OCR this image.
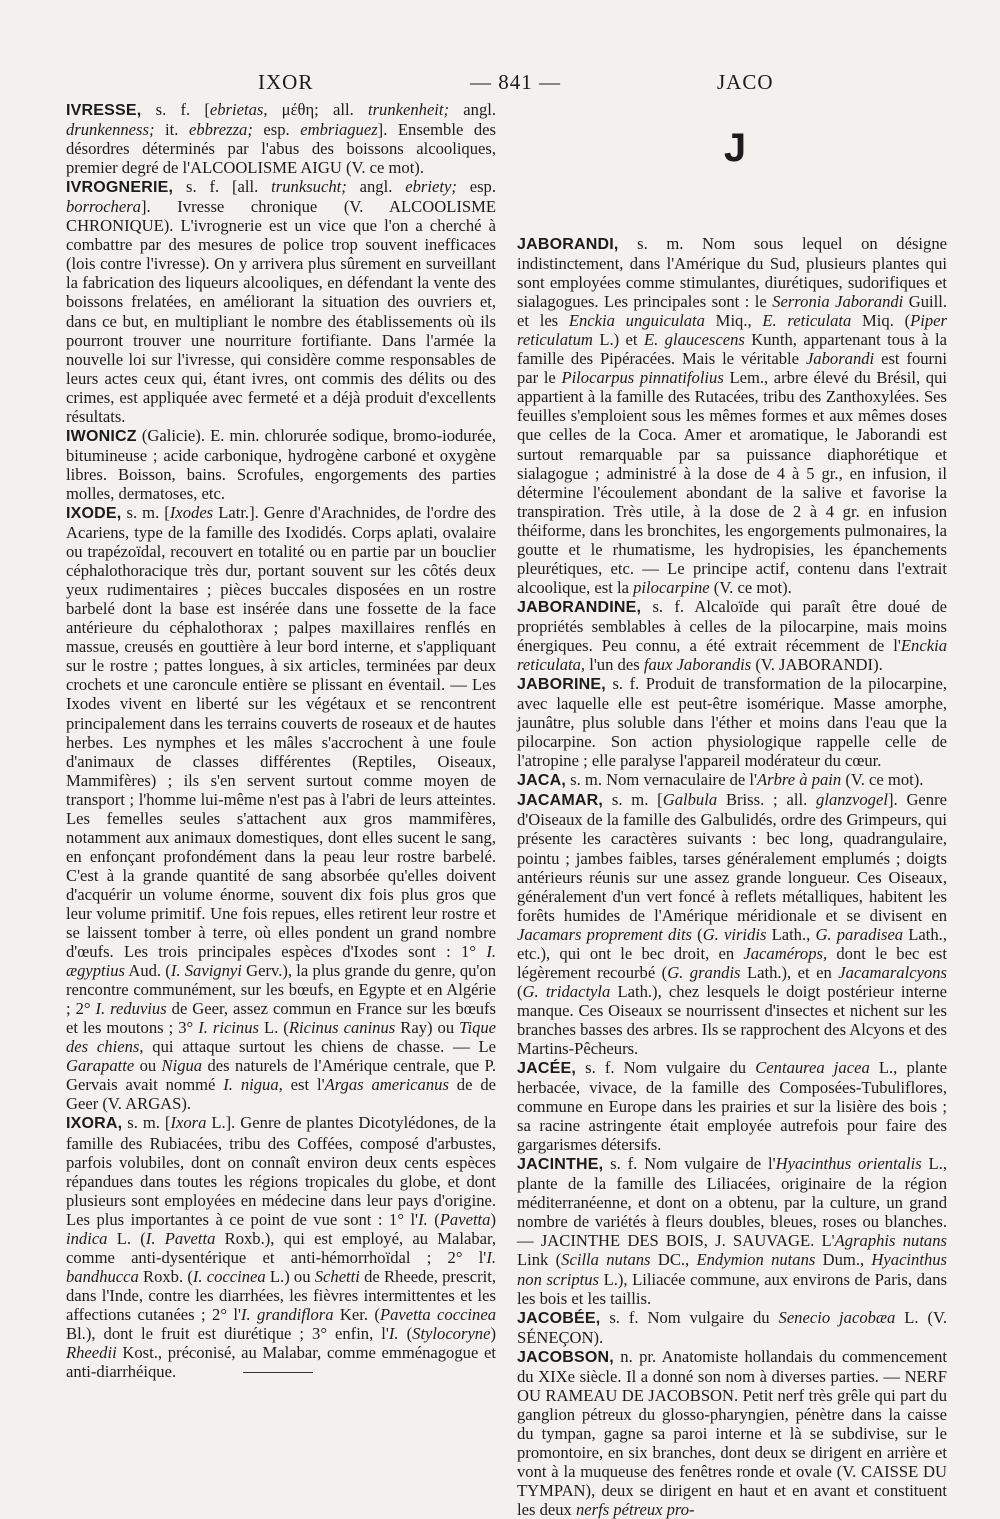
IXOR	— 841 —	JACO

IVRESSE, s. f. [ebrietas, μέθη; all. trunkenheit; angl. drunkenness; it. ebbrezza; esp. embriaguez]. Ensemble des désordres déterminés par l'abus des boissons alcooliques, premier degré de l'ALCOOLISME AIGU (V. ce mot).

IVROGNERIE, s. f. [all. trunksucht; angl. ebriety; esp. borrochera]. Ivresse chronique (V. ALCOOLISME CHRONIQUE). L'ivrognerie est un vice que l'on a cherché à combattre par des mesures de police trop souvent inefficaces (lois contre l'ivresse). On y arrivera plus sûrement en surveillant la fabrication des liqueurs alcooliques, en défendant la vente des boissons frelatées, en améliorant la situation des ouvriers et, dans ce but, en multipliant le nombre des établissements où ils pourront trouver une nourriture fortifiante. Dans l'armée la nouvelle loi sur l'ivresse, qui considère comme responsables de leurs actes ceux qui, étant ivres, ont commis des délits ou des crimes, est appliquée avec fermeté et a déjà produit d'excellents résultats.

IWONICZ (Galicie). E. min. chlorurée sodique, bromo-iodurée, bitumineuse ; acide carbonique, hydrogène carboné et oxygène libres. Boisson, bains. Scrofules, engorgements des parties molles, dermatoses, etc.

IXODE, s. m. [Ixodes Latr.]. Genre d'Arachnides, de l'ordre des Acariens, type de la famille des Ixodidés. Corps aplati, ovalaire ou trapézoïdal, recouvert en totalité ou en partie par un bouclier céphalothoracique très dur, portant souvent sur les côtés deux yeux rudimentaires ; pièces buccales disposées en un rostre barbelé dont la base est insérée dans une fossette de la face antérieure du céphalothorax ; palpes maxillaires renflés en massue, creusés en gouttière à leur bord interne, et s'appliquant sur le rostre ; pattes longues, à six articles, terminées par deux crochets et une caroncule entière se plissant en éventail. — Les Ixodes vivent en liberté sur les végétaux et se rencontrent principalement dans les terrains couverts de roseaux et de hautes herbes. Les nymphes et les mâles s'accrochent à une foule d'animaux de classes différentes (Reptiles, Oiseaux, Mammifères) ; ils s'en servent surtout comme moyen de transport ; l'homme lui-même n'est pas à l'abri de leurs atteintes. Les femelles seules s'attachent aux gros mammifères, notamment aux animaux domestiques, dont elles sucent le sang, en enfonçant profondément dans la peau leur rostre barbelé. C'est à la grande quantité de sang absorbée qu'elles doivent d'acquérir un volume énorme, souvent dix fois plus gros que leur volume primitif. Une fois repues, elles retirent leur rostre et se laissent tomber à terre, où elles pondent un grand nombre d'œufs. Les trois principales espèces d'Ixodes sont : 1° I. ægyptius Aud. (I. Savignyi Gerv.), la plus grande du genre, qu'on rencontre communément, sur les bœufs, en Egypte et en Algérie ; 2° I. reduvius de Geer, assez commun en France sur les bœufs et les moutons ; 3° I. ricinus L. (Ricinus caninus Ray) ou Tique des chiens, qui attaque surtout les chiens de chasse. — Le Garapatte ou Nigua des naturels de l'Amérique centrale, que P. Gervais avait nommé I. nigua, est l'Argas americanus de de Geer (V. ARGAS).

IXORA, s. m. [Ixora L.]. Genre de plantes Dicotylédones, de la famille des Rubiacées, tribu des Coffées, composé d'arbustes, parfois volubiles, dont on connaît environ deux cents espèces répandues dans toutes les régions tropicales du globe, et dont plusieurs sont employées en médecine dans leur pays d'origine. Les plus importantes à ce point de vue sont : 1° l'I. (Pavetta) indica L. (I. Pavetta Roxb.), qui est employé, au Malabar, comme anti-dysentérique et anti-hémorrhoïdal ; 2° l'I. bandhucca Roxb. (I. coccinea L.) ou Schetti de Rheede, prescrit, dans l'Inde, contre les diarrhées, les fièvres intermittentes et les affections cutanées ; 2° l'I. grandiflora Ker. (Pavetta coccinea Bl.), dont le fruit est diurétique ; 3° enfin, l'I. (Stylocoryne) Rheedii Kost., préconisé, au Malabar, comme emménagogue et anti-diarrhéique.

J

JABORANDI, s. m. Nom sous lequel on désigne indistinctement, dans l'Amérique du Sud, plusieurs plantes qui sont employées comme stimulantes, diurétiques, sudorifiques et sialagogues. Les principales sont : le Serronia Jaborandi Guill. et les Enckia unguiculata Miq., E. reticulata Miq. (Piper reticulatum L.) et E. glaucescens Kunth, appartenant tous à la famille des Pipéracées. Mais le véritable Jaborandi est fourni par le Pilocarpus pinnatifolius Lem., arbre élevé du Brésil, qui appartient à la famille des Rutacées, tribu des Zanthoxylées. Ses feuilles s'emploient sous les mêmes formes et aux mêmes doses que celles de la Coca. Amer et aromatique, le Jaborandi est surtout remarquable par sa puissance diaphorétique et sialagogue ; administré à la dose de 4 à 5 gr., en infusion, il détermine l'écoulement abondant de la salive et favorise la transpiration. Très utile, à la dose de 2 à 4 gr. en infusion théiforme, dans les bronchites, les engorgements pulmonaires, la goutte et le rhumatisme, les hydropisies, les épanchements pleurétiques, etc. — Le principe actif, contenu dans l'extrait alcoolique, est la pilocarpine (V. ce mot).

JABORANDINE, s. f. Alcaloïde qui paraît être doué de propriétés semblables à celles de la pilocarpine, mais moins énergiques. Peu connu, a été extrait récemment de l'Enckia reticulata, l'un des faux Jaborandis (V. JABORANDI).

JABORINE, s. f. Produit de transformation de la pilocarpine, avec laquelle elle est peut-être isomérique. Masse amorphe, jaunâtre, plus soluble dans l'éther et moins dans l'eau que la pilocarpine. Son action physiologique rappelle celle de l'atropine ; elle paralyse l'appareil modérateur du cœur.

JACA, s. m. Nom vernaculaire de l'Arbre à pain (V. ce mot).

JACAMAR, s. m. [Galbula Briss. ; all. glanzvogel]. Genre d'Oiseaux de la famille des Galbulidés, ordre des Grimpeurs, qui présente les caractères suivants : bec long, quadrangulaire, pointu ; jambes faibles, tarses généralement emplumés ; doigts antérieurs réunis sur une assez grande longueur. Ces Oiseaux, généralement d'un vert foncé à reflets métalliques, habitent les forêts humides de l'Amérique méridionale et se divisent en Jacamars proprement dits (G. viridis Lath., G. paradisea Lath., etc.), qui ont le bec droit, en Jacamérops, dont le bec est légèrement recourbé (G. grandis Lath.), et en Jacamaralcyons (G. tridactyla Lath.), chez lesquels le doigt postérieur interne manque. Ces Oiseaux se nourrissent d'insectes et nichent sur les branches basses des arbres. Ils se rapprochent des Alcyons et des Martins-Pêcheurs.

JACÉE, s. f. Nom vulgaire du Centaurea jacea L., plante herbacée, vivace, de la famille des Composées-Tubuliflores, commune en Europe dans les prairies et sur la lisière des bois ; sa racine astringente était employée autrefois pour faire des gargarismes détersifs.

JACINTHE, s. f. Nom vulgaire de l'Hyacinthus orientalis L., plante de la famille des Liliacées, originaire de la région méditerranéenne, et dont on a obtenu, par la culture, un grand nombre de variétés à fleurs doubles, bleues, roses ou blanches. — JACINTHE DES BOIS, J. SAUVAGE. L'Agraphis nutans Link (Scilla nutans DC., Endymion nutans Dum., Hyacinthus non scriptus L.), Liliacée commune, aux environs de Paris, dans les bois et les taillis.

JACOBÉE, s. f. Nom vulgaire du Senecio jacobæa L. (V. SÉNEÇON).

JACOBSON, n. pr. Anatomiste hollandais du commencement du XIXe siècle. Il a donné son nom à diverses parties. — NERF OU RAMEAU DE JACOBSON. Petit nerf très grêle qui part du ganglion pétreux du glosso-pharyngien, pénètre dans la caisse du tympan, gagne sa paroi interne et là se subdivise, sur le promontoire, en six branches, dont deux se dirigent en arrière et vont à la muqueuse des fenêtres ronde et ovale (V. CAISSE DU TYMPAN), deux se dirigent en haut et en avant et constituent les deux nerfs pétreux pro-
